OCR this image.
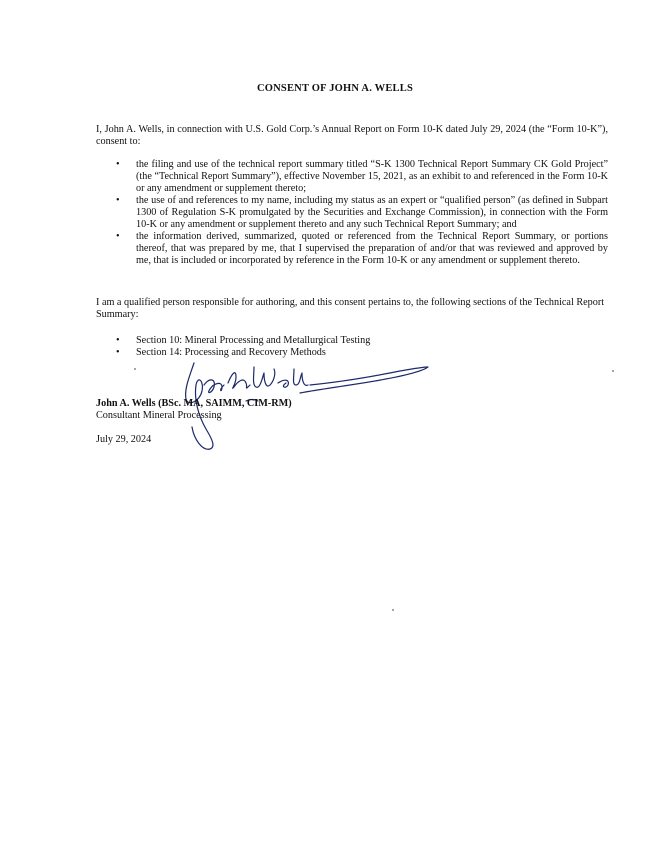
CONSENT OF JOHN A. WELLS
I, John A. Wells, in connection with U.S. Gold Corp.’s Annual Report on Form 10-K dated July 29, 2024 (the “Form 10-K”), consent to:
• the filing and use of the technical report summary titled “S-K 1300 Technical Report Summary CK Gold Project” (the “Technical Report Summary”), effective November 15, 2021, as an exhibit to and referenced in the Form 10-K or any amendment or supplement thereto;
• the use of and references to my name, including my status as an expert or “qualified person” (as defined in Subpart 1300 of Regulation S-K promulgated by the Securities and Exchange Commission), in connection with the Form 10-K or any amendment or supplement thereto and any such Technical Report Summary; and
• the information derived, summarized, quoted or referenced from the Technical Report Summary, or portions thereof, that was prepared by me, that I supervised the preparation of and/or that was reviewed and approved by me, that is included or incorporated by reference in the Form 10-K or any amendment or supplement thereto.
I am a qualified person responsible for authoring, and this consent pertains to, the following sections of the Technical Report Summary:
• Section 10: Mineral Processing and Metallurgical Testing
• Section 14: Processing and Recovery Methods
John A. Wells (BSc. MA, SAIMM, CIM-RM)
Consultant Mineral Processing
July 29, 2024
